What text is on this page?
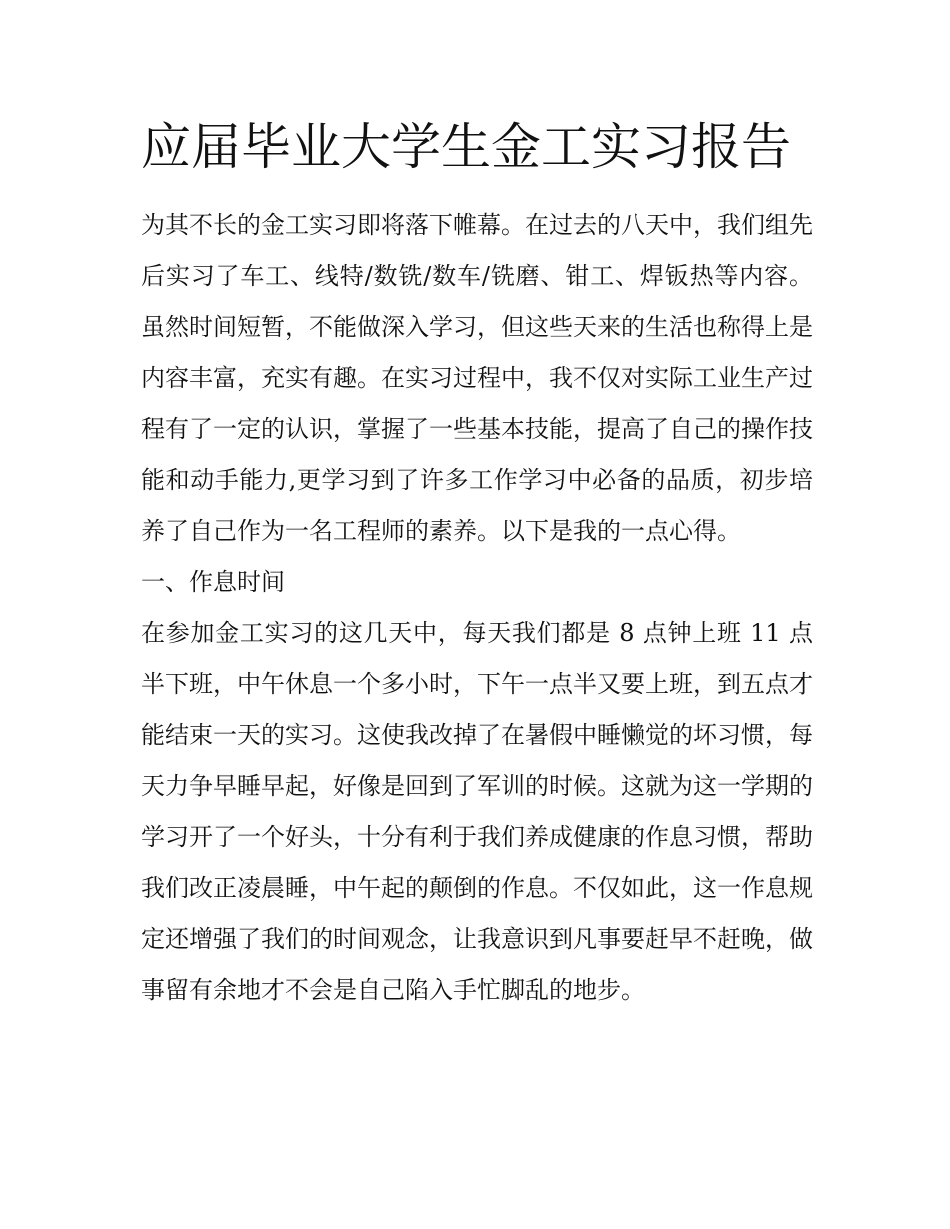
应届毕业大学生金工实习报告

为其不长的金工实习即将落下帷幕。在过去的八天中，我们组先后实习了车工、线特/数铣/数车/铣磨、钳工、焊钣热等内容。虽然时间短暂，不能做深入学习，但这些天来的生活也称得上是内容丰富，充实有趣。在实习过程中，我不仅对实际工业生产过程有了一定的认识，掌握了一些基本技能，提高了自己的操作技能和动手能力,更学习到了许多工作学习中必备的品质，初步培养了自己作为一名工程师的素养。以下是我的一点心得。

一、作息时间

在参加金工实习的这几天中，每天我们都是 8 点钟上班 11 点半下班，中午休息一个多小时，下午一点半又要上班，到五点才能结束一天的实习。这使我改掉了在暑假中睡懒觉的坏习惯，每天力争早睡早起，好像是回到了军训的时候。这就为这一学期的学习开了一个好头，十分有利于我们养成健康的作息习惯，帮助我们改正凌晨睡，中午起的颠倒的作息。不仅如此，这一作息规定还增强了我们的时间观念，让我意识到凡事要赶早不赶晚，做事留有余地才不会是自己陷入手忙脚乱的地步。
